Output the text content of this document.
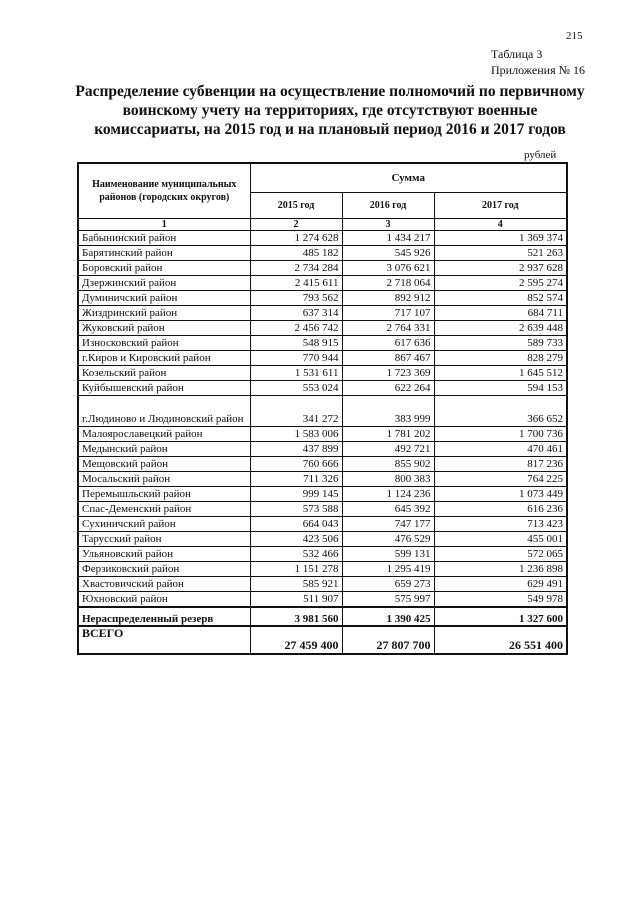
215
Таблица 3
Приложения № 16
Распределение субвенции на осуществление полномочий по первичному воинскому учету на территориях, где отсутствуют военные комиссариаты, на 2015 год и на плановый период 2016 и 2017 годов
рублей
Наименование муниципальных районов (городских округов)	Сумма		
	2015 год	2016 год	2017 год
1	2	3	4
Бабынинский район	1 274 628	1 434 217	1 369 374
Барятинский район	485 182	545 926	521 263
Боровский район	2 734 284	3 076 621	2 937 628
Дзержинский район	2 415 611	2 718 064	2 595 274
Думиничский район	793 562	892 912	852 574
Жиздринский район	637 314	717 107	684 711
Жуковский район	2 456 742	2 764 331	2 639 448
Износковский район	548 915	617 636	589 733
г.Киров и Кировский район	770 944	867 467	828 279
Козельский район	1 531 611	1 723 369	1 645 512
Куйбышевский район	553 024	622 264	594 153
г.Людиново и Людиновский район	341 272	383 999	366 652
Малоярославецкий район	1 583 006	1 781 202	1 700 736
Медынский район	437 899	492 721	470 461
Мещовский район	760 666	855 902	817 236
Мосальский район	711 326	800 383	764 225
Перемышльский район	999 145	1 124 236	1 073 449
Спас-Деменский район	573 588	645 392	616 236
Сухиничский район	664 043	747 177	713 423
Тарусский район	423 506	476 529	455 001
Ульяновский район	532 466	599 131	572 065
Ферзиковский район	1 151 278	1 295 419	1 236 898
Хвастовичский район	585 921	659 273	629 491
Юхновский район	511 907	575 997	549 978
Нераспределенный резерв	3 981 560	1 390 425	1 327 600
ВСЕГО	27 459 400	27 807 700	26 551 400
